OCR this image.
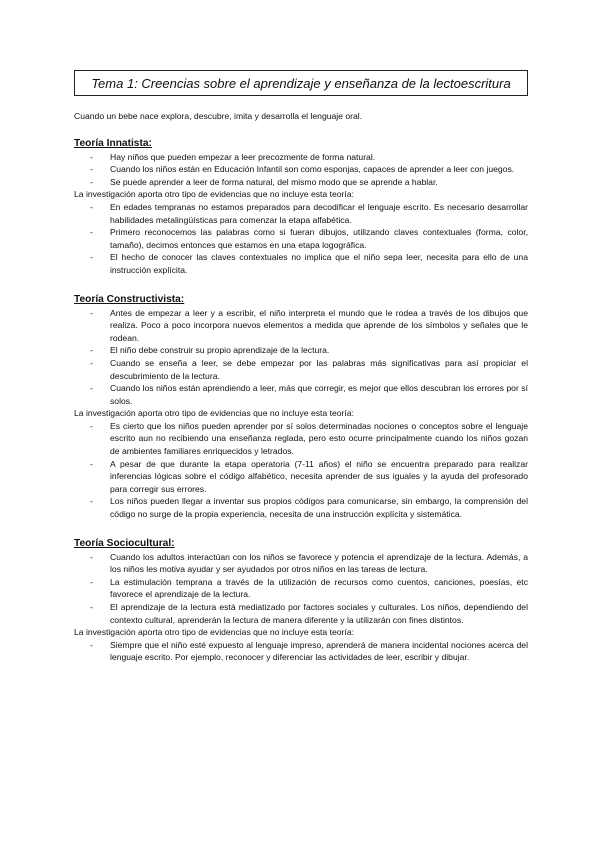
Tema 1: Creencias sobre el aprendizaje y enseñanza de la lectoescritura
Cuando un bebe nace explora, descubre, imita y desarrolla el lenguaje oral.
Teoría Innatista:
- Hay niños que pueden empezar a leer precozmente de forma natural.
- Cuando los niños están en Educación Infantil son como esponjas, capaces de aprender a leer con juegos.
- Se puede aprender a leer de forma natural, del mismo modo que se aprende a hablar.
La investigación aporta otro tipo de evidencias que no incluye esta teoría:
- En edades tempranas no estamos preparados para decodificar el lenguaje escrito. Es necesario desarrollar habilidades metalingüísticas para comenzar la etapa alfabética.
- Primero reconocemos las palabras como si fueran dibujos, utilizando claves contextuales (forma, color, tamaño), decimos entonces que estamos en una etapa logográfica.
- El hecho de conocer las claves contextuales no implica que el niño sepa leer, necesita para ello de una instrucción explícita.
Teoría Constructivista:
- Antes de empezar a leer y a escribir, el niño interpreta el mundo que le rodea a través de los dibujos que realiza. Poco a poco incorpora nuevos elementos a medida que aprende de los símbolos y señales que le rodean.
- El niño debe construir su propio aprendizaje de la lectura.
- Cuando se enseña a leer, se debe empezar por las palabras más significativas para así propiciar el descubrimiento de la lectura.
- Cuando los niños están aprendiendo a leer, más que corregir, es mejor que ellos descubran los errores por sí solos.
La investigación aporta otro tipo de evidencias que no incluye esta teoría:
- Es cierto que los niños pueden aprender por sí solos determinadas nociones o conceptos sobre el lenguaje escrito aun no recibiendo una enseñanza reglada, pero esto ocurre principalmente cuando los niños gozan de ambientes familiares enriquecidos y letrados.
- A pesar de que durante la etapa operatoria (7-11 años) el niño se encuentra preparado para realizar inferencias lógicas sobre el código alfabético, necesita aprender de sus iguales y la ayuda del profesorado para corregir sus errores.
- Los niños pueden llegar a inventar sus propios códigos para comunicarse, sin embargo, la comprensión del código no surge de la propia experiencia, necesita de una instrucción explícita y sistemática.
Teoría Sociocultural:
- Cuando los adultos interactúan con los niños se favorece y potencia el aprendizaje de la lectura. Además, a los niños les motiva ayudar y ser ayudados por otros niños en las tareas de lectura.
- La estimulación temprana a través de la utilización de recursos como cuentos, canciones, poesías, etc favorece el aprendizaje de la lectura.
- El aprendizaje de la lectura está mediatizado por factores sociales y culturales. Los niños, dependiendo del contexto cultural, aprenderán la lectura de manera diferente y la utilizarán con fines distintos.
La investigación aporta otro tipo de evidencias que no incluye esta teoría:
- Siempre que el niño esté expuesto al lenguaje impreso, aprenderá de manera incidental nociones acerca del lenguaje escrito. Por ejemplo, reconocer y diferenciar las actividades de leer, escribir y dibujar.
